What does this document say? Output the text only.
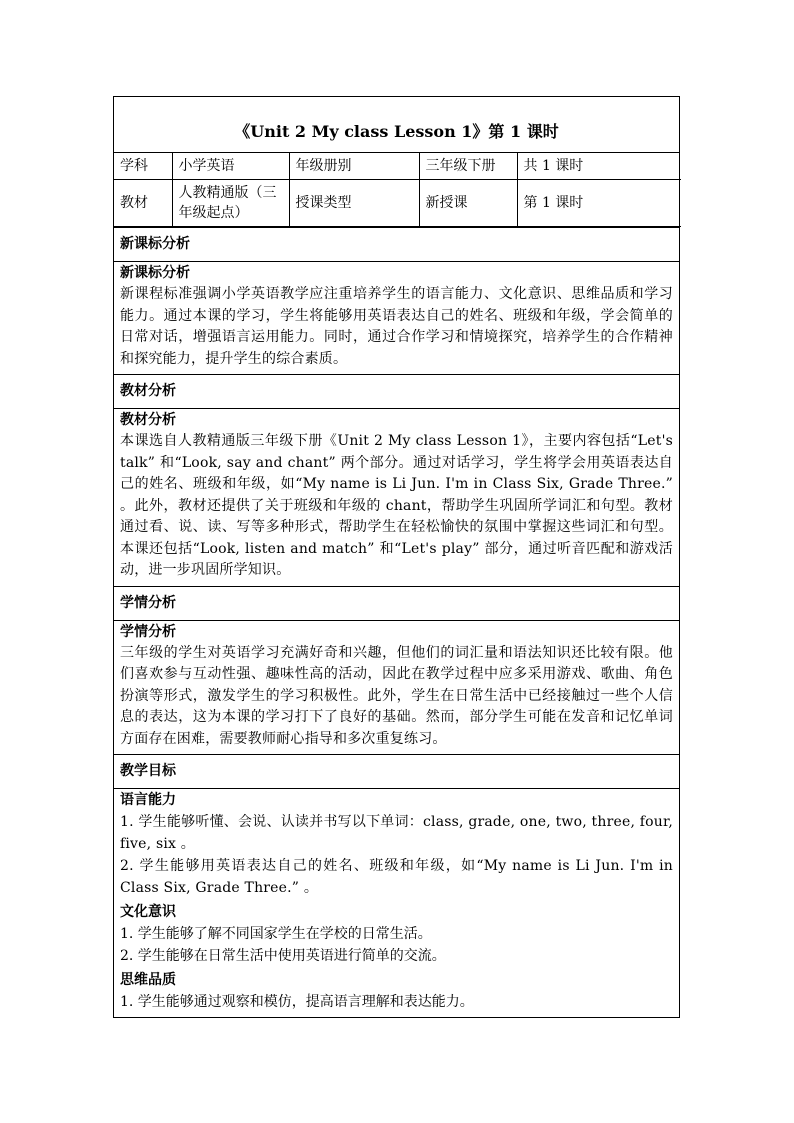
《Unit 2 My class Lesson 1》第 1 课时
学科	小学英语	年级册别	三年级下册	共 1 课时
教材	人教精通版（三年级起点）	授课类型	新授课	第 1 课时
新课标分析
新课标分析
新课程标准强调小学英语教学应注重培养学生的语言能力、文化意识、思维品质和学习能力。通过本课的学习，学生将能够用英语表达自己的姓名、班级和年级，学会简单的日常对话，增强语言运用能力。同时，通过合作学习和情境探究，培养学生的合作精神和探究能力，提升学生的综合素质。
教材分析
教材分析
本课选自人教精通版三年级下册《Unit 2 My class Lesson 1》，主要内容包括“Let's talk” 和“Look, say and chant” 两个部分。通过对话学习，学生将学会用英语表达自己的姓名、班级和年级，如“My name is Li Jun. I'm in Class Six, Grade Three.” 。此外，教材还提供了关于班级和年级的 chant，帮助学生巩固所学词汇和句型。教材通过看、说、读、写等多种形式，帮助学生在轻松愉快的氛围中掌握这些词汇和句型。本课还包括“Look, listen and match” 和“Let's play” 部分，通过听音匹配和游戏活动，进一步巩固所学知识。
学情分析
学情分析
三年级的学生对英语学习充满好奇和兴趣，但他们的词汇量和语法知识还比较有限。他们喜欢参与互动性强、趣味性高的活动，因此在教学过程中应多采用游戏、歌曲、角色扮演等形式，激发学生的学习积极性。此外，学生在日常生活中已经接触过一些个人信息的表达，这为本课的学习打下了良好的基础。然而，部分学生可能在发音和记忆单词方面存在困难，需要教师耐心指导和多次重复练习。
教学目标
语言能力
1. 学生能够听懂、会说、认读并书写以下单词：class, grade, one, two, three, four, five, six 。
2. 学生能够用英语表达自己的姓名、班级和年级，如“My name is Li Jun. I'm in Class Six, Grade Three.” 。
文化意识
1. 学生能够了解不同国家学生在学校的日常生活。
2. 学生能够在日常生活中使用英语进行简单的交流。
思维品质
1. 学生能够通过观察和模仿，提高语言理解和表达能力。
